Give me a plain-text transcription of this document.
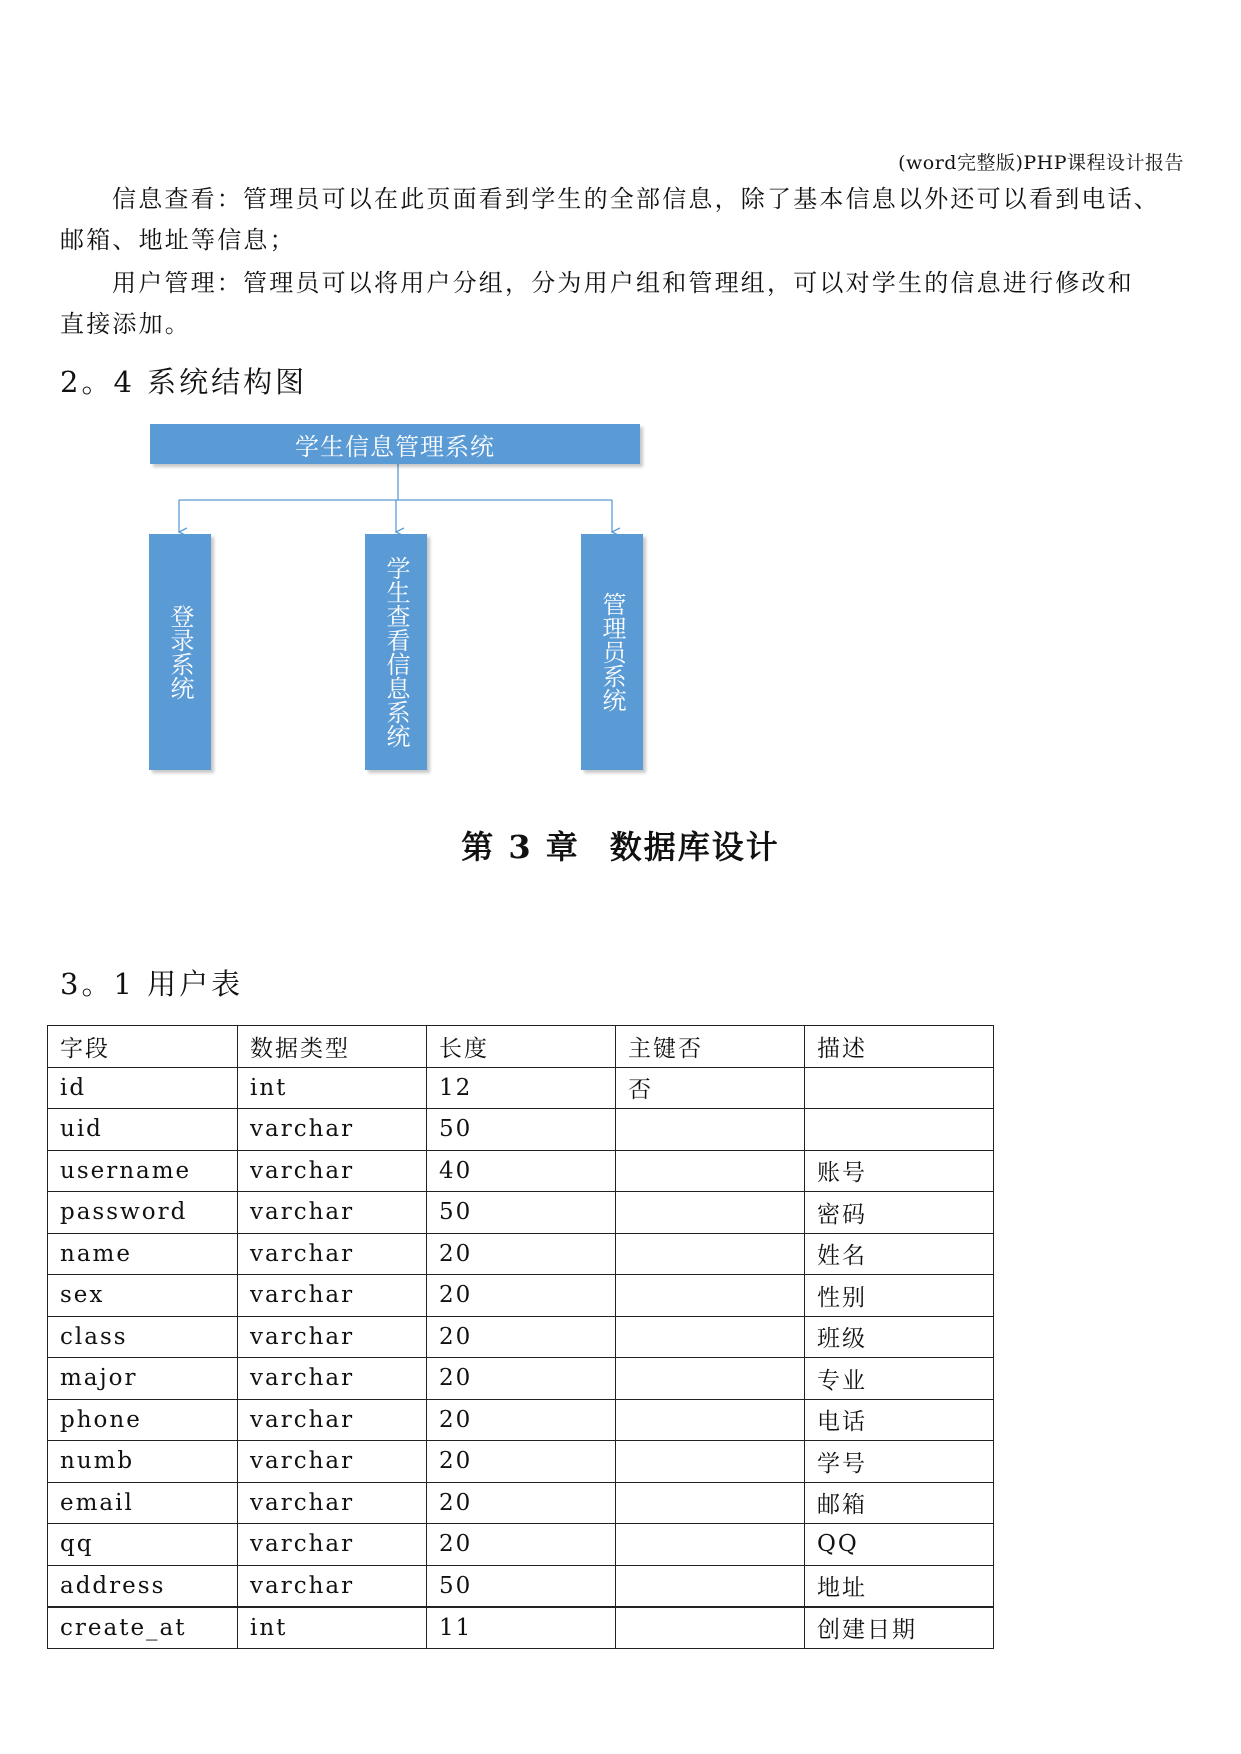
(word完整版)PHP课程设计报告

信息查看：管理员可以在此页面看到学生的全部信息，除了基本信息以外还可以看到电话、
邮箱、地址等信息；

用户管理：管理员可以将用户分组，分为用户组和管理组，可以对学生的信息进行修改和
直接添加。

2。4 系统结构图
学生信息管理系统
登录系统	学生查看信息系统	管理员系统
第 3 章 数据库设计
3。1 用户表
字段	数据类型	长度	主键否	描述
id	int	12	否	
uid	varchar	50		
username	varchar	40		账号
password	varchar	50		密码
name	varchar	20		姓名
sex	varchar	20		性别
class	varchar	20		班级
major	varchar	20		专业
phone	varchar	20		电话
numb	varchar	20		学号
email	varchar	20		邮箱
qq	varchar	20		QQ
address	varchar	50		地址
create_at	int	11		创建日期
